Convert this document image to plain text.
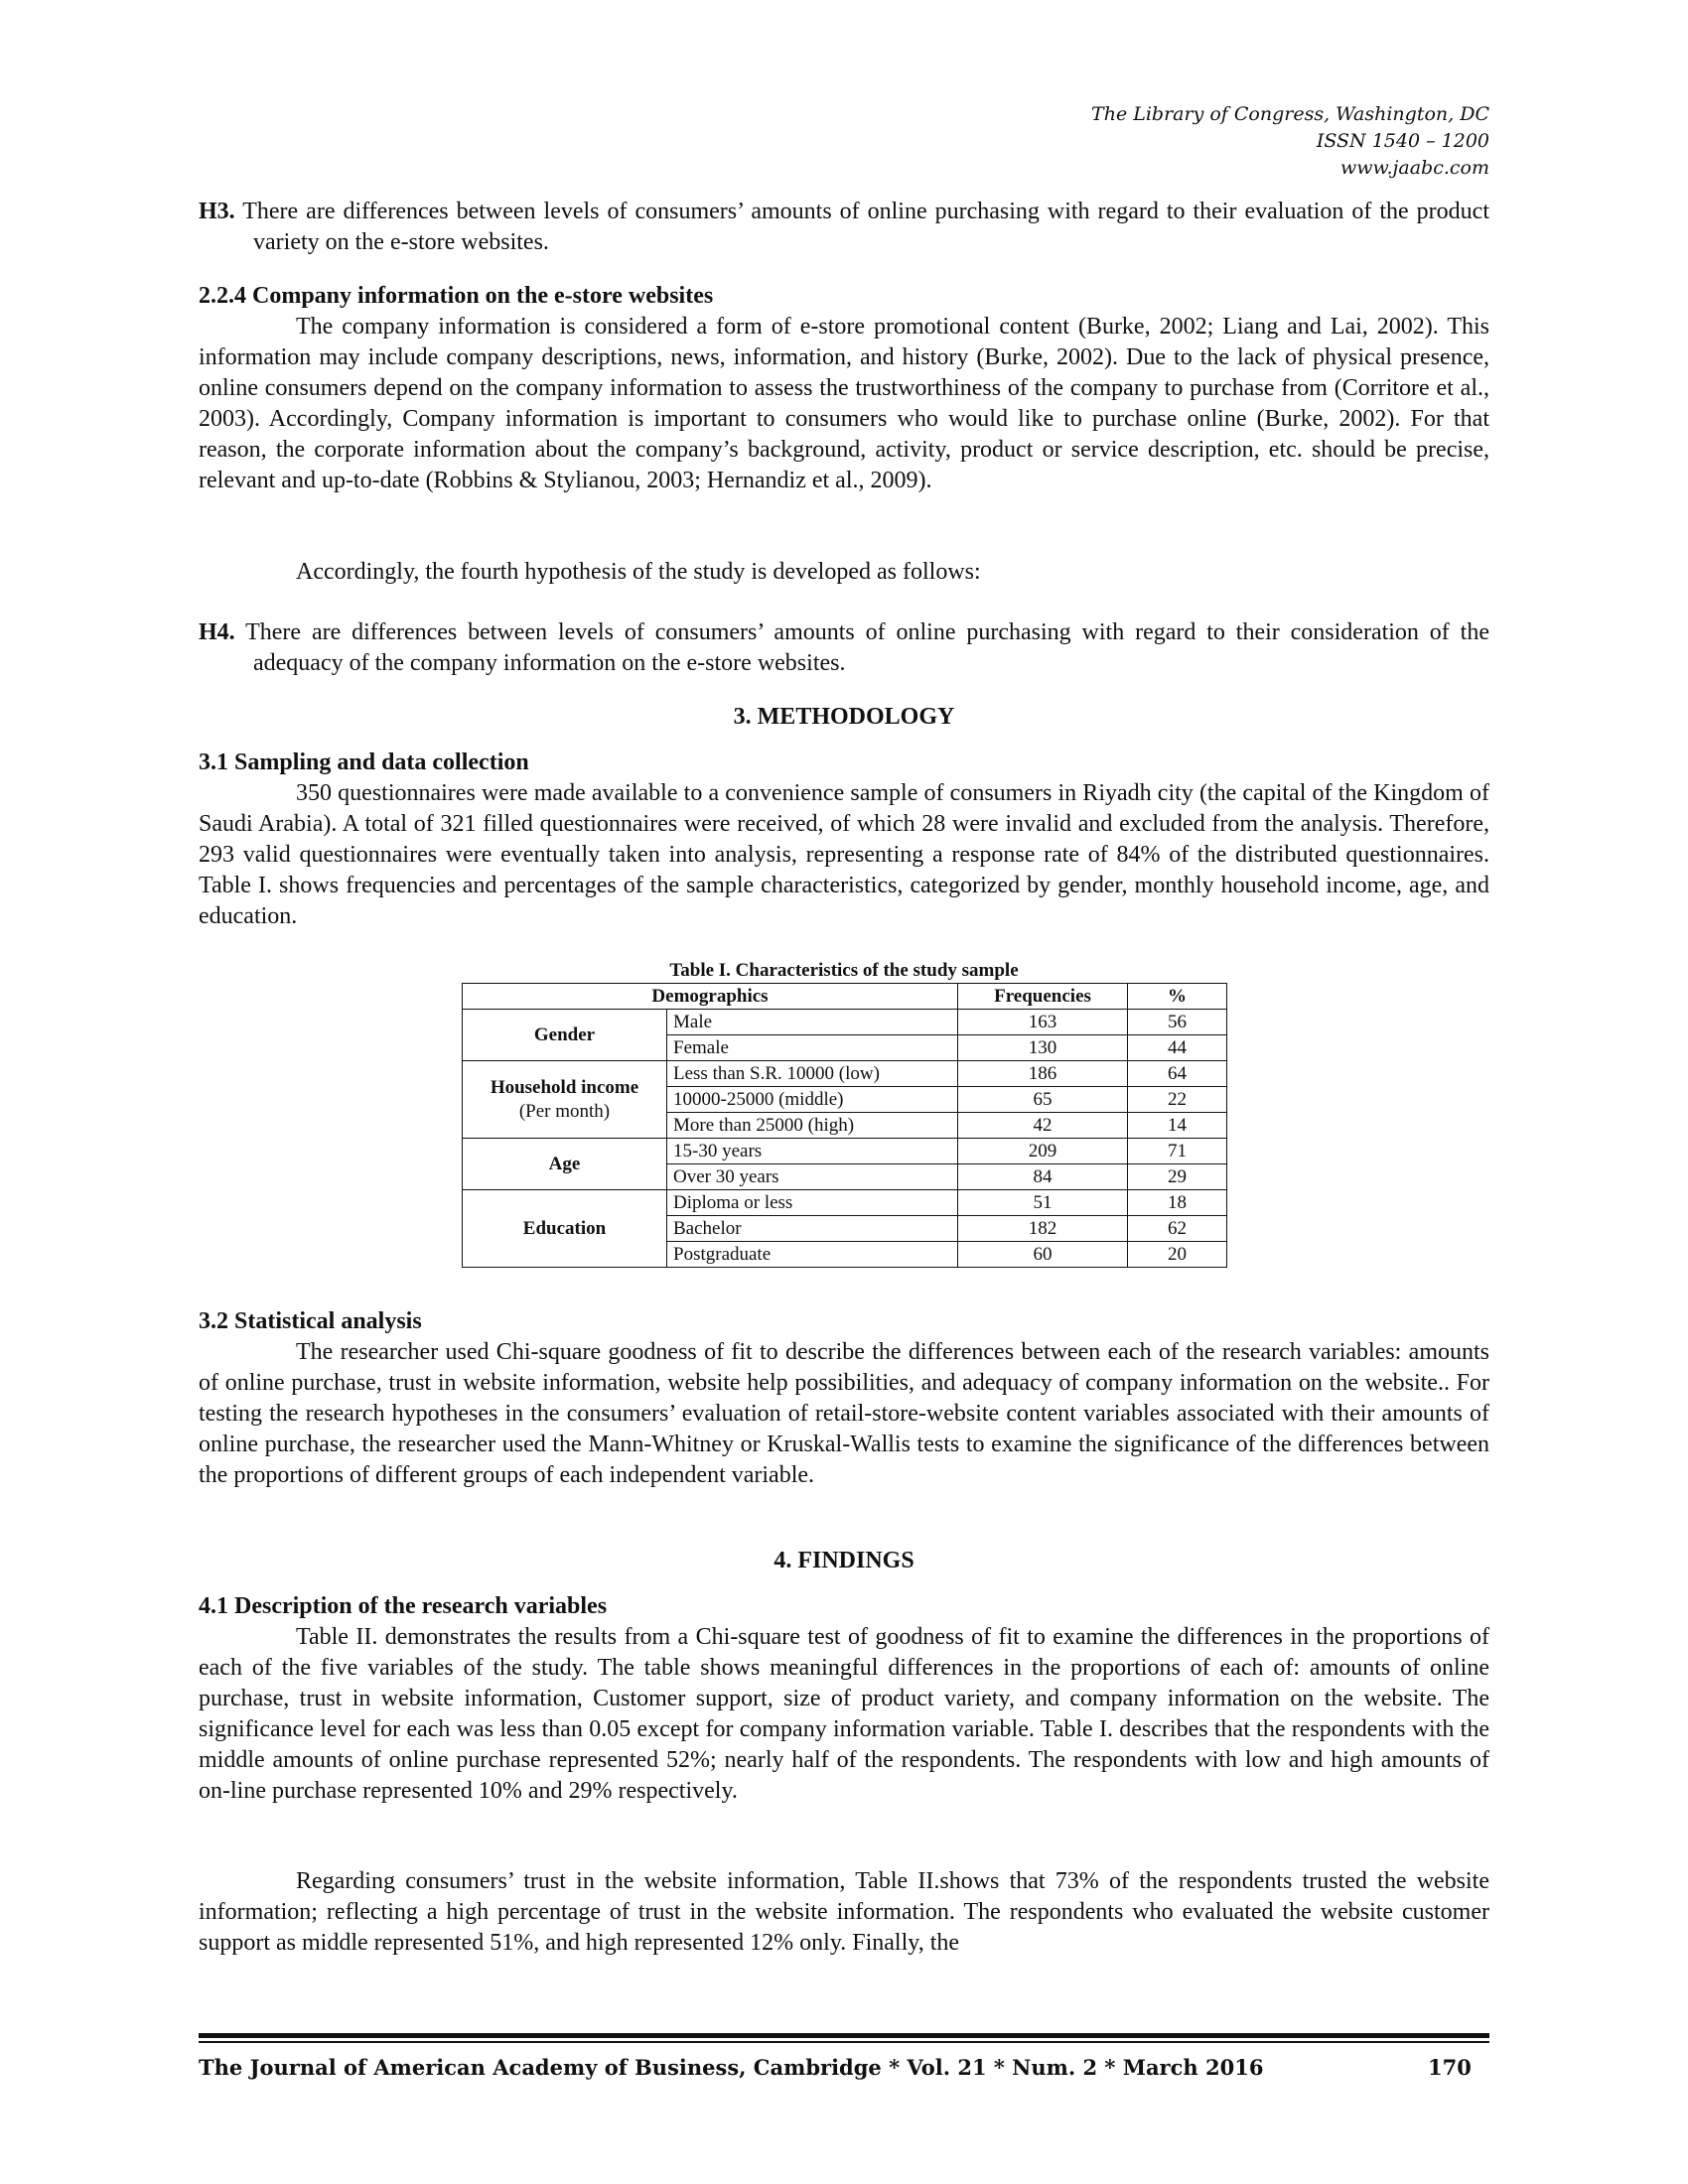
The Library of Congress, Washington, DC
ISSN 1540 – 1200
www.jaabc.com

H3. There are differences between levels of consumers’ amounts of online purchasing with regard to their evaluation of the product variety on the e-store websites.

2.2.4 Company information on the e-store websites

The company information is considered a form of e-store promotional content (Burke, 2002; Liang and Lai, 2002). This information may include company descriptions, news, information, and history (Burke, 2002). Due to the lack of physical presence, online consumers depend on the company information to assess the trustworthiness of the company to purchase from (Corritore et al., 2003). Accordingly, Company information is important to consumers who would like to purchase online (Burke, 2002). For that reason, the corporate information about the company’s background, activity, product or service description, etc. should be precise, relevant and up-to-date (Robbins & Stylianou, 2003; Hernandiz et al., 2009).

Accordingly, the fourth hypothesis of the study is developed as follows:

H4. There are differences between levels of consumers’ amounts of online purchasing with regard to their consideration of the adequacy of the company information on the e-store websites.

3. METHODOLOGY
3.1 Sampling and data collection

350 questionnaires were made available to a convenience sample of consumers in Riyadh city (the capital of the Kingdom of Saudi Arabia). A total of 321 filled questionnaires were received, of which 28 were invalid and excluded from the analysis. Therefore, 293 valid questionnaires were eventually taken into analysis, representing a response rate of 84% of the distributed questionnaires. Table I. shows frequencies and percentages of the sample characteristics, categorized by gender, monthly household income, age, and education.

Table I. Characteristics of the study sample
Demographics		Frequencies	%
Gender	Male	163	56
	Female	130	44
Household income
(Per month)	Less than S.R. 10000 (low)	186	64
	10000-25000 (middle)	65	22
	More than 25000 (high)	42	14
Age	15-30 years	209	71
	Over 30 years	84	29
Education	Diploma or less	51	18
	Bachelor	182	62
	Postgraduate	60	20
3.2 Statistical analysis

The researcher used Chi-square goodness of fit to describe the differences between each of the research variables: amounts of online purchase, trust in website information, website help possibilities, and adequacy of company information on the website.. For testing the research hypotheses in the consumers’ evaluation of retail-store-website content variables associated with their amounts of online purchase, the researcher used the Mann-Whitney or Kruskal-Wallis tests to examine the significance of the differences between the proportions of different groups of each independent variable.

4. FINDINGS
4.1 Description of the research variables

Table II. demonstrates the results from a Chi-square test of goodness of fit to examine the differences in the proportions of each of the five variables of the study. The table shows meaningful differences in the proportions of each of: amounts of online purchase, trust in website information, Customer support, size of product variety, and company information on the website. The significance level for each was less than 0.05 except for company information variable. Table I. describes that the respondents with the middle amounts of online purchase represented 52%; nearly half of the respondents. The respondents with low and high amounts of on-line purchase represented 10% and 29% respectively.

Regarding consumers’ trust in the website information, Table II.shows that 73% of the respondents trusted the website information; reflecting a high percentage of trust in the website information. The respondents who evaluated the website customer support as middle represented 51%, and high represented 12% only. Finally, the

The Journal of American Academy of Business, Cambridge * Vol. 21 * Num. 2 * March 2016	170
